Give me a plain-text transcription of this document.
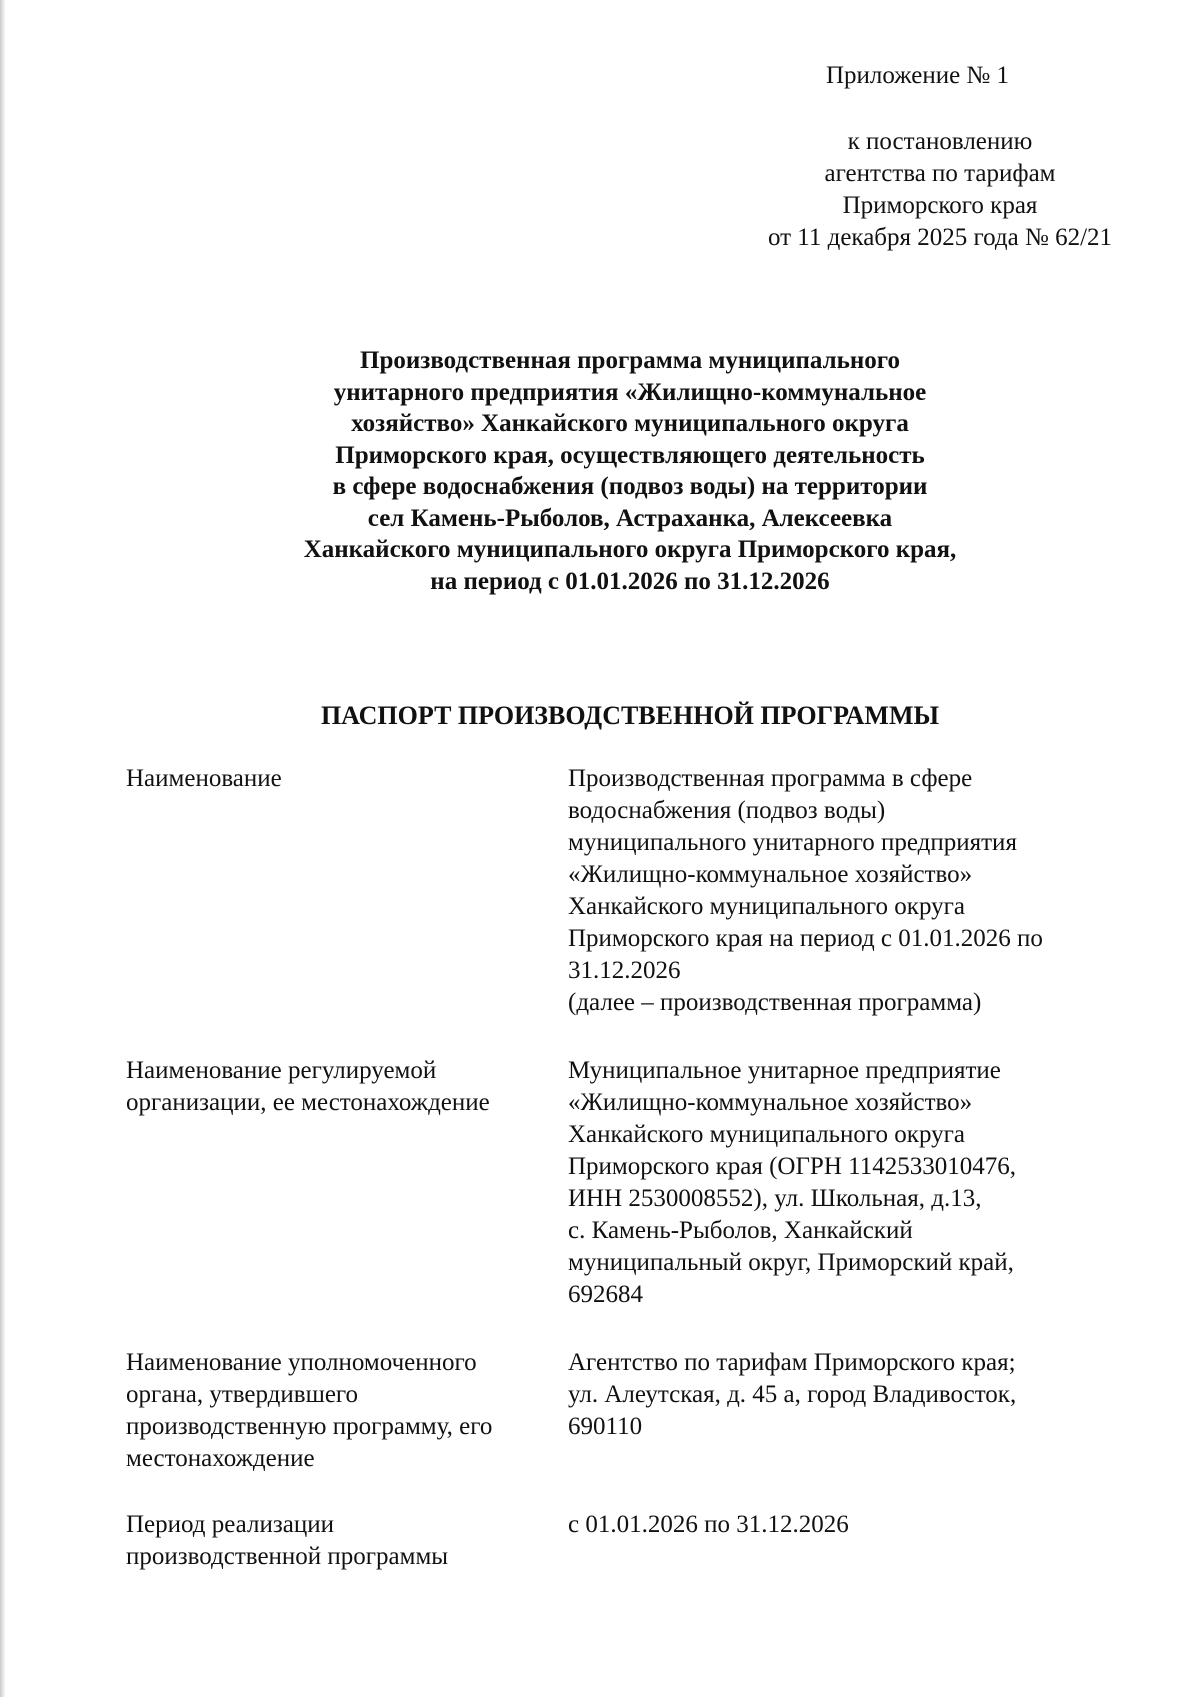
Приложение № 1
к постановлению
агентства по тарифам
Приморского края
от 11 декабря 2025 года № 62/21
Производственная программа муниципального
унитарного предприятия «Жилищно-коммунальное
хозяйство» Ханкайского муниципального округа
Приморского края, осуществляющего деятельность
в сфере водоснабжения (подвоз воды) на территории
сел Камень-Рыболов, Астраханка, Алексеевка
Ханкайского муниципального округа Приморского края,
на период с 01.01.2026 по 31.12.2026
ПАСПОРТ ПРОИЗВОДСТВЕННОЙ ПРОГРАММЫ
Наименование	Производственная программа в сфере
водоснабжения (подвоз воды)
муниципального унитарного предприятия
«Жилищно-коммунальное хозяйство»
Ханкайского муниципального округа
Приморского края на период с 01.01.2026 по
31.12.2026
(далее – производственная программа)
Наименование регулируемой
организации, ее местонахождение
Муниципальное унитарное предприятие
«Жилищно-коммунальное хозяйство»
Ханкайского муниципального округа
Приморского края (ОГРН 1142533010476,
ИНН 2530008552), ул. Школьная, д.13,
с. Камень-Рыболов, Ханкайский
муниципальный округ, Приморский край,
692684
Наименование уполномоченного
органа, утвердившего
производственную программу, его
местонахождение
Агентство по тарифам Приморского края;
ул. Алеутская, д. 45 а, город Владивосток,
690110
Период реализации
производственной программы
с 01.01.2026 по 31.12.2026
